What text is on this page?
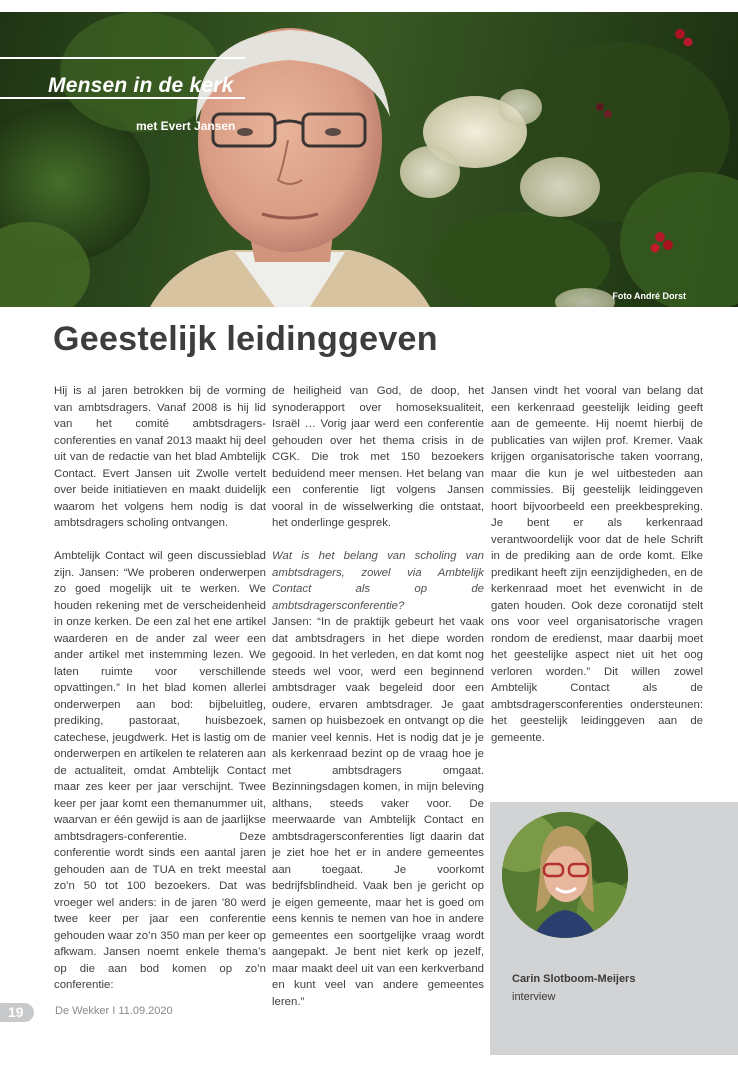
Mensen in de kerk
met Evert Jansen
Foto André Dorst
Geestelijk leidinggeven

Hij is al jaren betrokken bij de vorming van ambtsdragers. Vanaf 2008 is hij lid van het comité ambtsdragers-conferenties en vanaf 2013 maakt hij deel uit van de redactie van het blad Ambtelijk Contact. Evert Jansen uit Zwolle vertelt over beide initiatieven en maakt duidelijk waarom het volgens hem nodig is dat ambtsdragers scholing ontvangen.

Ambtelijk Contact wil geen discussieblad zijn. Jansen: “We proberen onderwerpen zo goed mogelijk uit te werken. We houden rekening met de verscheidenheid in onze kerken. De een zal het ene artikel waarderen en de ander zal weer een ander artikel met instemming lezen. We laten ruimte voor verschillende opvattingen.” In het blad komen allerlei onderwerpen aan bod: bijbeluitleg, prediking, pastoraat, huisbezoek, catechese, jeugdwerk. Het is lastig om de onderwerpen en artikelen te relateren aan de actualiteit, omdat Ambtelijk Contact maar zes keer per jaar verschijnt. Twee keer per jaar komt een themanummer uit, waarvan er één gewijd is aan de jaarlijkse ambtsdragers-conferentie. Deze conferentie wordt sinds een aantal jaren gehouden aan de TUA en trekt meestal zo’n 50 tot 100 bezoekers. Dat was vroeger wel anders: in de jaren ’80 werd twee keer per jaar een conferentie gehouden waar zo’n 350 man per keer op afkwam. Jansen noemt enkele thema’s op die aan bod komen op zo’n conferentie:

de heiligheid van God, de doop, het synoderapport over homoseksualiteit, Israël … Vorig jaar werd een conferentie gehouden over het thema crisis in de CGK. Die trok met 150 bezoekers beduidend meer mensen. Het belang van een conferentie ligt volgens Jansen vooral in de wisselwerking die ontstaat, het onderlinge gesprek.

Wat is het belang van scholing van ambtsdragers, zowel via Ambtelijk Contact als op de ambtsdragersconferentie?

Jansen: “In de praktijk gebeurt het vaak dat ambtsdragers in het diepe worden gegooid. In het verleden, en dat komt nog steeds wel voor, werd een beginnend ambtsdrager vaak begeleid door een oudere, ervaren ambtsdrager. Je gaat samen op huisbezoek en ontvangt op die manier veel kennis. Het is nodig dat je je als kerkenraad bezint op de vraag hoe je met ambtsdragers omgaat. Bezinningsdagen komen, in mijn beleving althans, steeds vaker voor. De meerwaarde van Ambtelijk Contact en ambtsdragersconferenties ligt daarin dat je ziet hoe het er in andere gemeentes aan toegaat. Je voorkomt bedrijfsblindheid. Vaak ben je gericht op je eigen gemeente, maar het is goed om eens kennis te nemen van hoe in andere gemeentes een soortgelijke vraag wordt aangepakt. Je bent niet kerk op jezelf, maar maakt deel uit van een kerkverband en kunt veel van andere gemeentes leren.”

Jansen vindt het vooral van belang dat een kerkenraad geestelijk leiding geeft aan de gemeente. Hij noemt hierbij de publicaties van wijlen prof. Kremer. Vaak krijgen organisatorische taken voorrang, maar die kun je wel uitbesteden aan commissies. Bij geestelijk leidinggeven hoort bijvoorbeeld een preekbespreking. Je bent er als kerkenraad verantwoordelijk voor dat de hele Schrift in de prediking aan de orde komt. Elke predikant heeft zijn eenzijdigheden, en de kerkenraad moet het evenwicht in de gaten houden. Ook deze coronatijd stelt ons voor veel organisatorische vragen rondom de eredienst, maar daarbij moet het geestelijke aspect niet uit het oog verloren worden.” Dit willen zowel Ambtelijk Contact als de ambtsdragersconferenties ondersteunen: het geestelijk leidinggeven aan de gemeente.

Carin Slotboom-Meijers
interview
19	De Wekker I 11.09.2020
